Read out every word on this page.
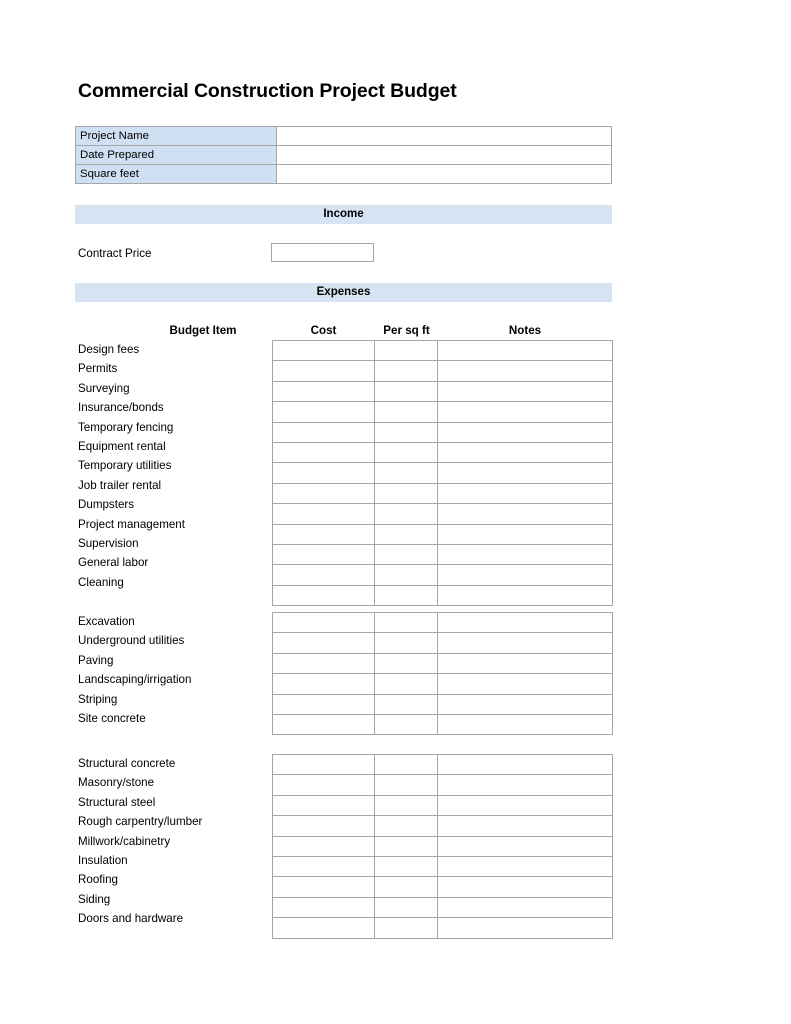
Commercial Construction Project Budget
Project Name	
Date Prepared	
Square feet	
Income
Contract Price
Expenses
Budget Item	Cost	Per sq ft	Notes
Design fees
Permits
Surveying
Insurance/bonds
Temporary fencing
Equipment rental
Temporary utilities
Job trailer rental
Dumpsters
Project management
Supervision
General labor
Cleaning

Excavation
Underground utilities
Paving
Landscaping/irrigation
Striping
Site concrete

Structural concrete
Masonry/stone
Structural steel
Rough carpentry/lumber
Millwork/cabinetry
Insulation
Roofing
Siding
Doors and hardware
